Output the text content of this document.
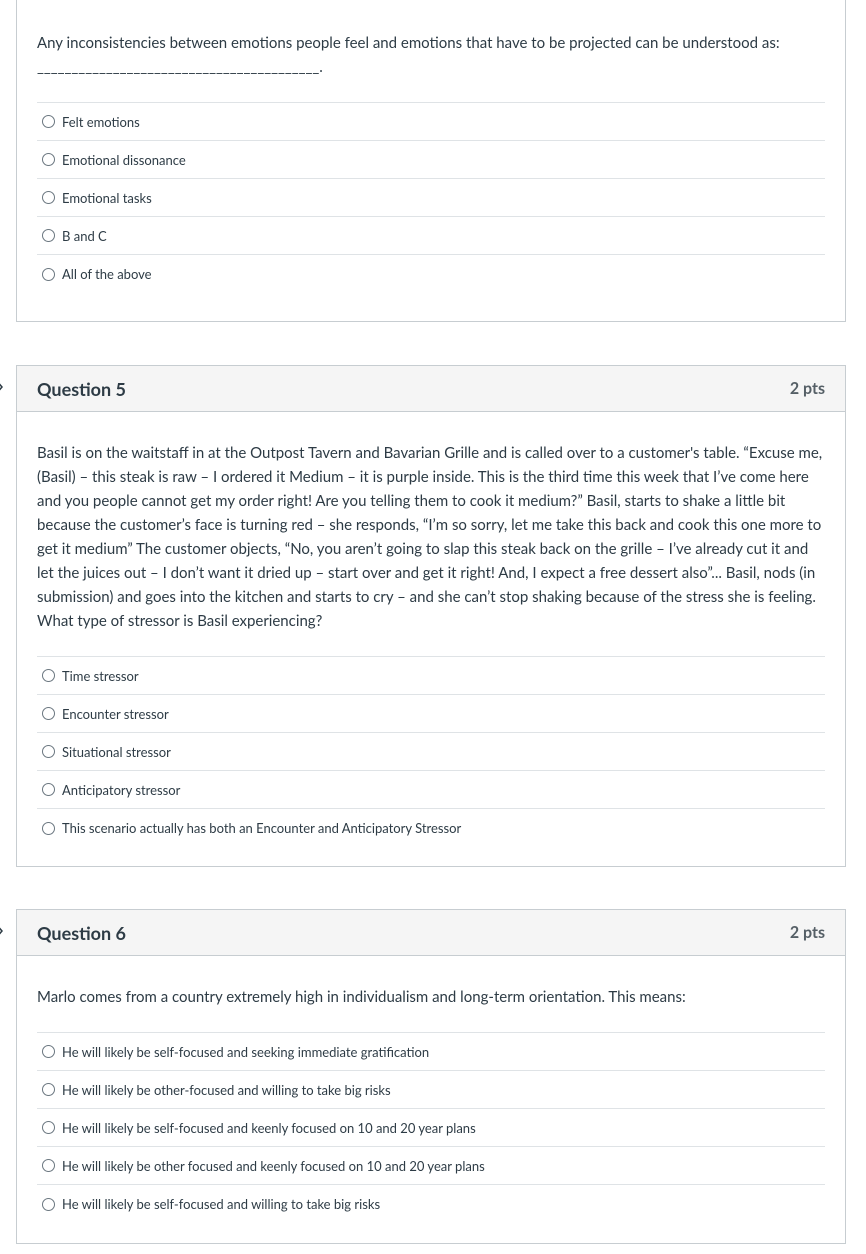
Any inconsistencies between emotions people feel and emotions that have to be projected can be understood as: _________________________________________.

Felt emotions
Emotional dissonance
Emotional tasks
B and C
All of the above
Question 5	2 pts

Basil is on the waitstaff in at the Outpost Tavern and Bavarian Grille and is called over to a customer's table. “Excuse me, (Basil) – this steak is raw – I ordered it Medium – it is purple inside. This is the third time this week that I’ve come here and you people cannot get my order right! Are you telling them to cook it medium?” Basil, starts to shake a little bit because the customer’s face is turning red – she responds, “I’m so sorry, let me take this back and cook this one more to get it medium” The customer objects, “No, you aren’t going to slap this steak back on the grille – I’ve already cut it and let the juices out – I don’t want it dried up – start over and get it right! And, I expect a free dessert also”... Basil, nods (in submission) and goes into the kitchen and starts to cry – and she can’t stop shaking because of the stress she is feeling. What type of stressor is Basil experiencing?

Time stressor
Encounter stressor
Situational stressor
Anticipatory stressor
This scenario actually has both an Encounter and Anticipatory Stressor
Question 6	2 pts

Marlo comes from a country extremely high in individualism and long-term orientation. This means:

He will likely be self-focused and seeking immediate gratification
He will likely be other-focused and willing to take big risks
He will likely be self-focused and keenly focused on 10 and 20 year plans
He will likely be other focused and keenly focused on 10 and 20 year plans
He will likely be self-focused and willing to take big risks
